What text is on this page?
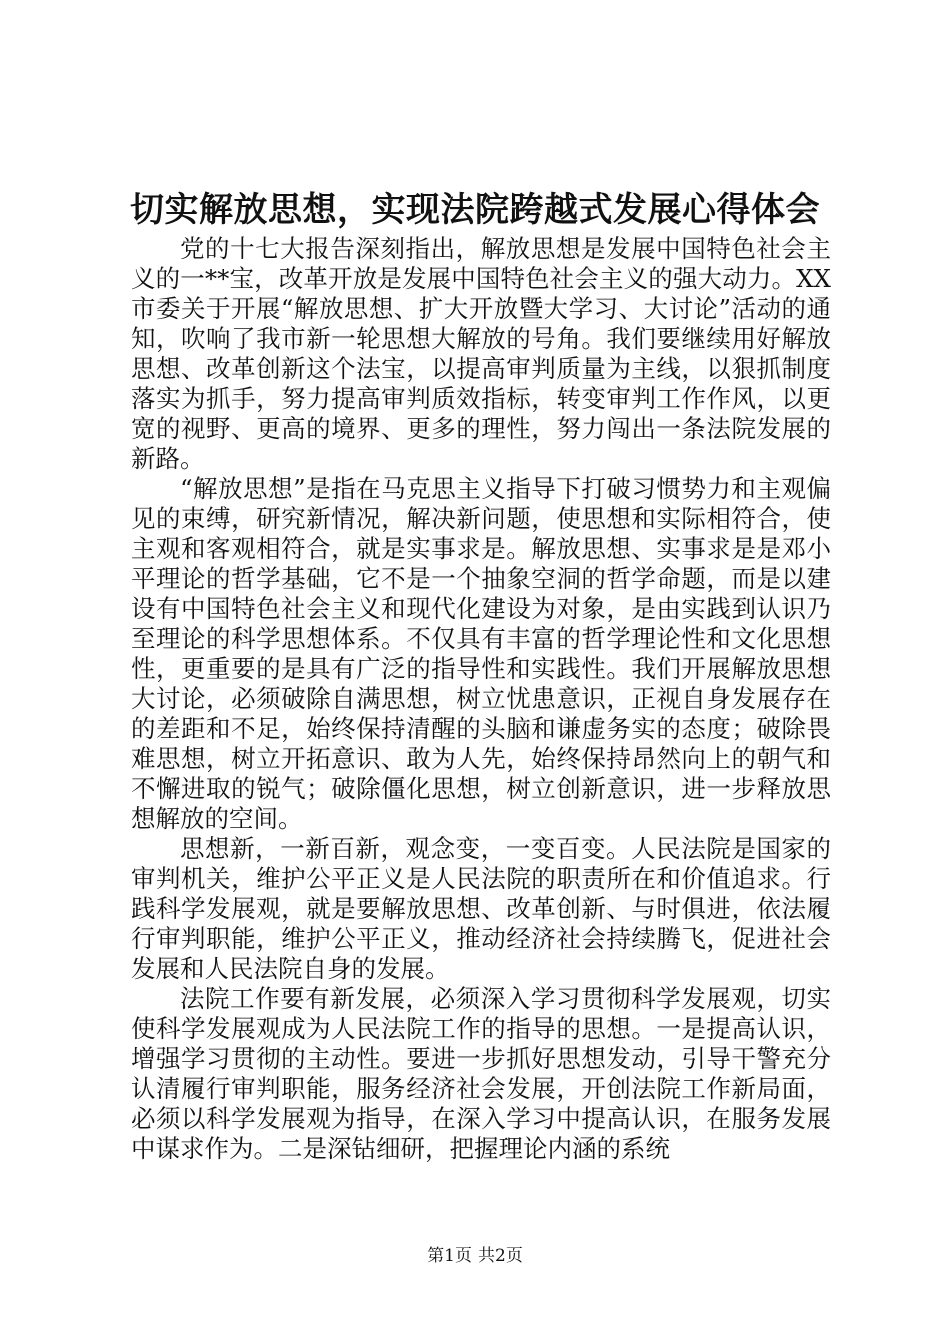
切实解放思想，实现法院跨越式发展心得体会

党的十七大报告深刻指出，解放思想是发展中国特色社会主义的一**宝，改革开放是发展中国特色社会主义的强大动力。XX市委关于开展“解放思想、扩大开放暨大学习、大讨论”活动的通知，吹响了我市新一轮思想大解放的号角。我们要继续用好解放思想、改革创新这个法宝，以提高审判质量为主线，以狠抓制度落实为抓手，努力提高审判质效指标，转变审判工作作风，以更宽的视野、更高的境界、更多的理性，努力闯出一条法院发展的新路。

“解放思想”是指在马克思主义指导下打破习惯势力和主观偏见的束缚，研究新情况，解决新问题，使思想和实际相符合，使主观和客观相符合，就是实事求是。解放思想、实事求是是邓小平理论的哲学基础，它不是一个抽象空洞的哲学命题，而是以建设有中国特色社会主义和现代化建设为对象，是由实践到认识乃至理论的科学思想体系。不仅具有丰富的哲学理论性和文化思想性，更重要的是具有广泛的指导性和实践性。我们开展解放思想大讨论，必须破除自满思想，树立忧患意识，正视自身发展存在的差距和不足，始终保持清醒的头脑和谦虚务实的态度；破除畏难思想，树立开拓意识、敢为人先，始终保持昂然向上的朝气和不懈进取的锐气；破除僵化思想，树立创新意识，进一步释放思想解放的空间。

思想新，一新百新，观念变，一变百变。人民法院是国家的审判机关，维护公平正义是人民法院的职责所在和价值追求。行践科学发展观，就是要解放思想、改革创新、与时俱进，依法履行审判职能，维护公平正义，推动经济社会持续腾飞，促进社会发展和人民法院自身的发展。

法院工作要有新发展，必须深入学习贯彻科学发展观，切实使科学发展观成为人民法院工作的指导的思想。一是提高认识，增强学习贯彻的主动性。要进一步抓好思想发动，引导干警充分认清履行审判职能，服务经济社会发展，开创法院工作新局面，必须以科学发展观为指导，在深入学习中提高认识，在服务发展中谋求作为。二是深钻细研，把握理论内涵的系统

第1页 共2页
